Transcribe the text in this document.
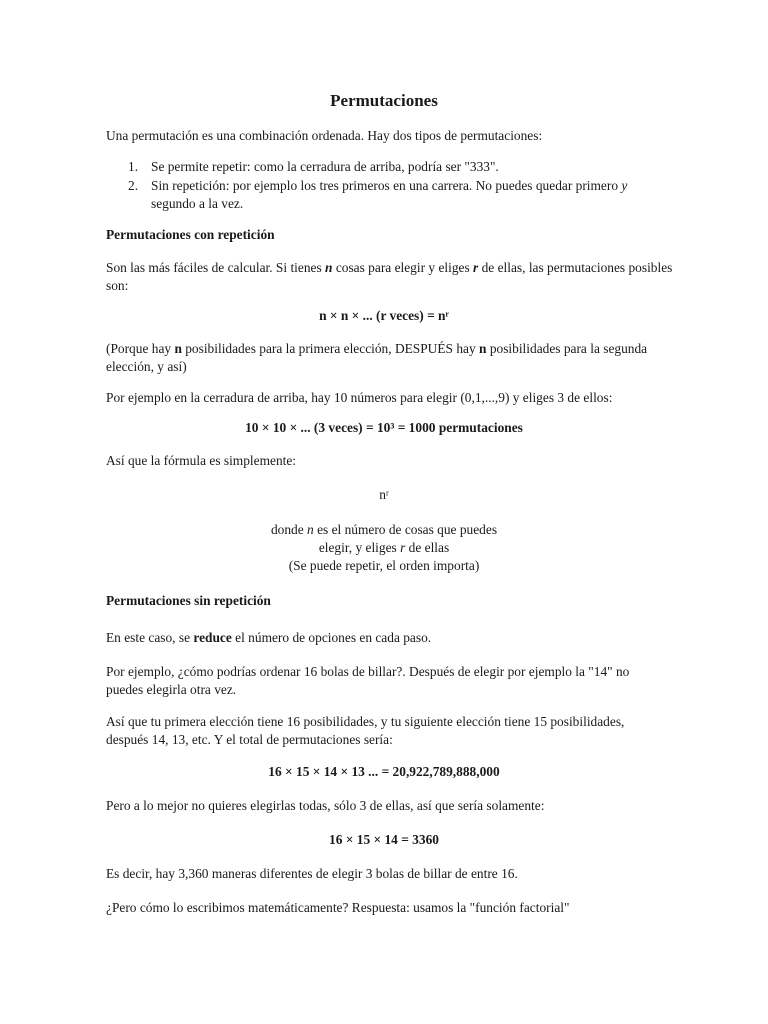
Permutaciones
Una permutación es una combinación ordenada. Hay dos tipos de permutaciones:
1. Se permite repetir: como la cerradura de arriba, podría ser "333".
2. Sin repetición: por ejemplo los tres primeros en una carrera. No puedes quedar primero y
segundo a la vez.
Permutaciones con repetición
Son las más fáciles de calcular. Si tienes n cosas para elegir y eliges r de ellas, las permutaciones posibles
son:
n × n × ... (r veces) = nʳ
(Porque hay n posibilidades para la primera elección, DESPUÉS hay n posibilidades para la segunda
elección, y así)
Por ejemplo en la cerradura de arriba, hay 10 números para elegir (0,1,...,9) y eliges 3 de ellos:
10 × 10 × ... (3 veces) = 10³ = 1000 permutaciones
Así que la fórmula es simplemente:
nʳ
donde n es el número de cosas que puedes
elegir, y eliges r de ellas
(Se puede repetir, el orden importa)
Permutaciones sin repetición
En este caso, se reduce el número de opciones en cada paso.
Por ejemplo, ¿cómo podrías ordenar 16 bolas de billar?. Después de elegir por ejemplo la "14" no
puedes elegirla otra vez.
Así que tu primera elección tiene 16 posibilidades, y tu siguiente elección tiene 15 posibilidades,
después 14, 13, etc. Y el total de permutaciones sería:
16 × 15 × 14 × 13 ... = 20,922,789,888,000
Pero a lo mejor no quieres elegirlas todas, sólo 3 de ellas, así que sería solamente:
16 × 15 × 14 = 3360
Es decir, hay 3,360 maneras diferentes de elegir 3 bolas de billar de entre 16.
¿Pero cómo lo escribimos matemáticamente? Respuesta: usamos la "función factorial"
